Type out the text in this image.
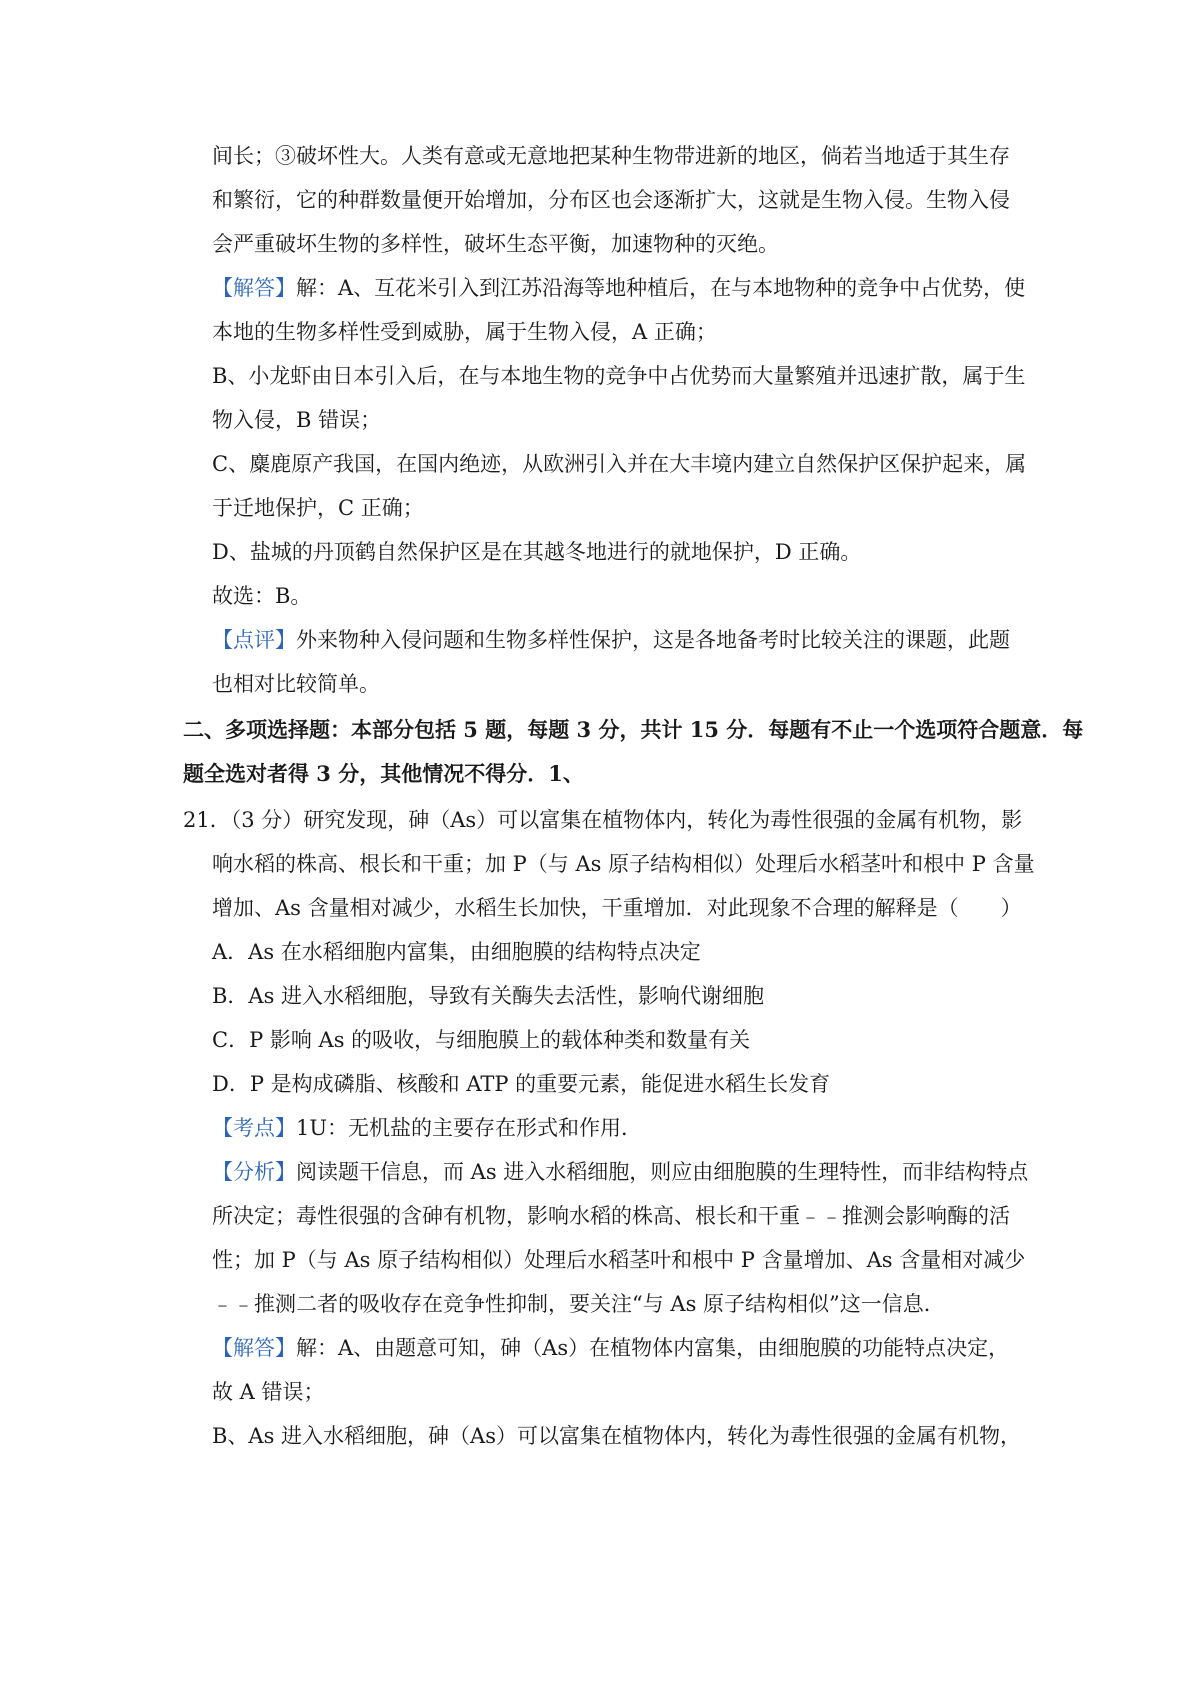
间长；③破坏性大。人类有意或无意地把某种生物带进新的地区，倘若当地适于其生存
和繁衍，它的种群数量便开始增加，分布区也会逐渐扩大，这就是生物入侵。生物入侵
会严重破坏生物的多样性，破坏生态平衡，加速物种的灭绝。
【解答】解：A、互花米引入到江苏沿海等地种植后，在与本地物种的竞争中占优势，使
本地的生物多样性受到威胁，属于生物入侵，A 正确；
B、小龙虾由日本引入后，在与本地生物的竞争中占优势而大量繁殖并迅速扩散，属于生
物入侵，B 错误；
C、麋鹿原产我国，在国内绝迹，从欧洲引入并在大丰境内建立自然保护区保护起来，属
于迁地保护，C 正确；
D、盐城的丹顶鹤自然保护区是在其越冬地进行的就地保护，D 正确。
故选：B。
【点评】外来物种入侵问题和生物多样性保护，这是各地备考时比较关注的课题，此题
也相对比较简单。
二、多项选择题：本部分包括 5 题，每题 3 分，共计 15 分．每题有不止一个选项符合题意．每
题全选对者得 3 分，其他情况不得分．1、
21．（3 分）研究发现，砷（As）可以富集在植物体内，转化为毒性很强的金属有机物，影
响水稻的株高、根长和干重；加 P（与 As 原子结构相似）处理后水稻茎叶和根中 P 含量
增加、As 含量相对减少，水稻生长加快，干重增加．对此现象不合理的解释是（　　）
A．As 在水稻细胞内富集，由细胞膜的结构特点决定
B．As 进入水稻细胞，导致有关酶失去活性，影响代谢细胞
C．P 影响 As 的吸收，与细胞膜上的载体种类和数量有关
D．P 是构成磷脂、核酸和 ATP 的重要元素，能促进水稻生长发育
【考点】1U：无机盐的主要存在形式和作用．
【分析】阅读题干信息，而 As 进入水稻细胞，则应由细胞膜的生理特性，而非结构特点
所决定；毒性很强的含砷有机物，影响水稻的株高、根长和干重﹣﹣推测会影响酶的活
性；加 P（与 As 原子结构相似）处理后水稻茎叶和根中 P 含量增加、As 含量相对减少
﹣﹣推测二者的吸收存在竞争性抑制，要关注“与 As 原子结构相似”这一信息．
【解答】解：A、由题意可知，砷（As）在植物体内富集，由细胞膜的功能特点决定，
故 A 错误；
B、As 进入水稻细胞，砷（As）可以富集在植物体内，转化为毒性很强的金属有机物，
